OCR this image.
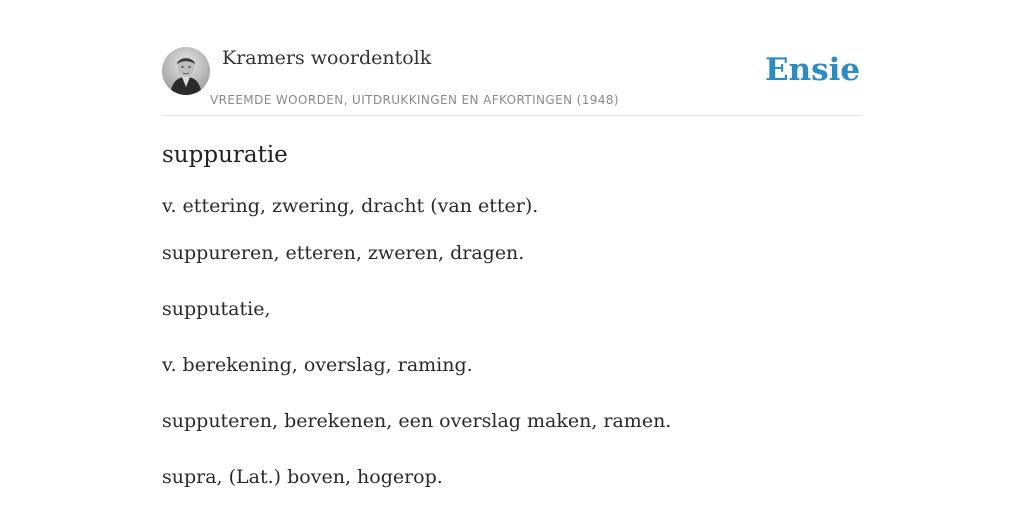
Kramers woordentolk
VREEMDE WOORDEN, UITDRUKKINGEN EN AFKORTINGEN (1948)
Ensie
suppuratie
v. ettering, zwering, dracht (van etter).
suppureren, etteren, zweren, dragen.
supputatie,
v. berekening, overslag, raming.
supputeren, berekenen, een overslag maken, ramen.
supra, (Lat.) boven, hogerop.
